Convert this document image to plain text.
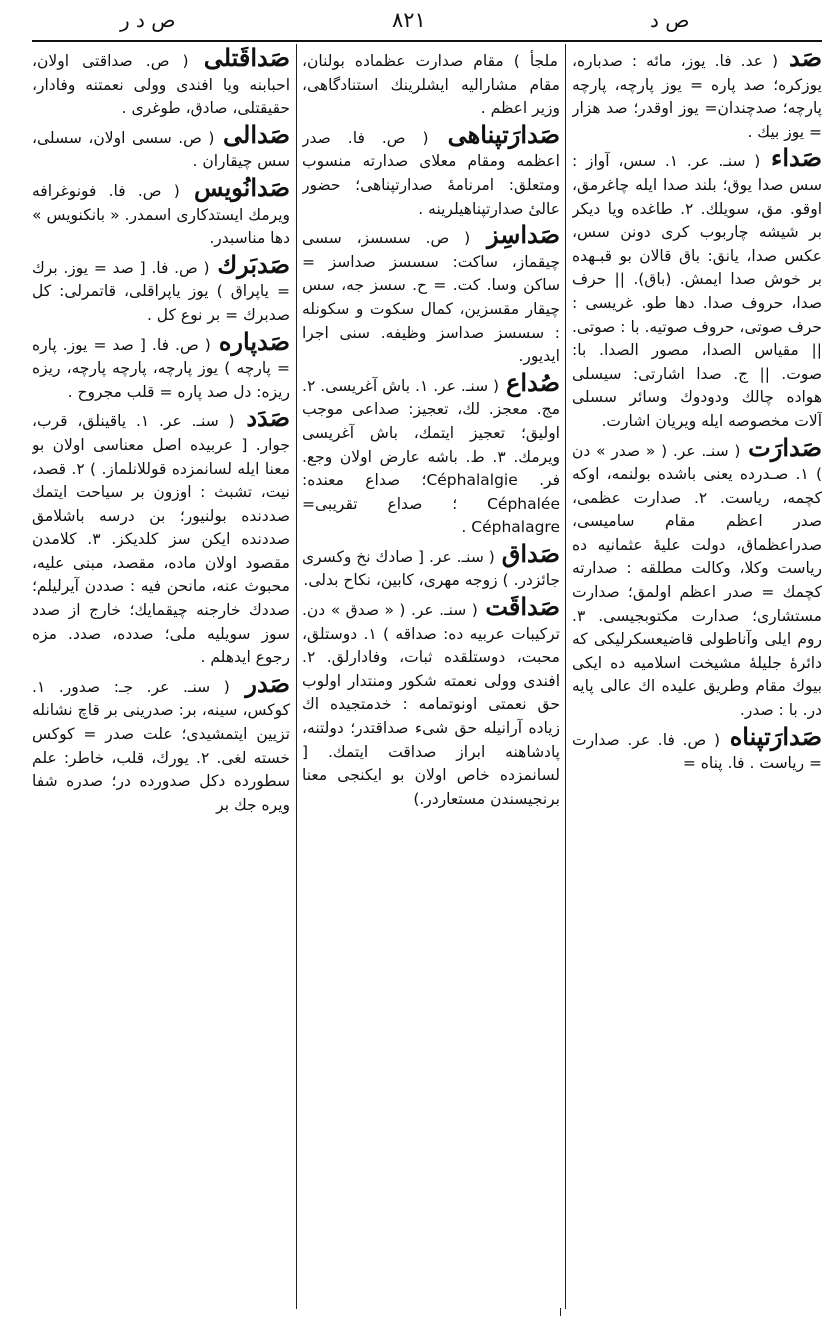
ص د ر	٨٢١	ص د

صَد ( عد. فا. یوز، مائه : صدباره، یوزکره؛ صد پاره = یوز پارچه، پارچه پارچه؛ صدچندان= یوز اوقدر؛ صد هزار = یوز بیك .

صَداء ( سنـ. عر. ۱. سس، آواز : سس صدا یوق؛ بلند صدا ایله چاغرمق، اوقو. مق، سویلك. ۲. طاغده ویا دیکر بر شیشه چاربوب کری دونن سس، عکس صدا، یانق: باق قالان بو قبـهده بر خوش صدا ایمش. (باق). || حرف صدا، حروف صدا. دها طو. غریسی : حرف صوتی، حروف صوتیه. با : صوتی. || مقیاس الصدا، مصور الصدا. با: صوت. || ج. صدا اشارتی: سیسلی هواده چالك ودودوك وسائر سسلی آلات مخصوصه ایله ویریان اشارت.

صَدارَت ( سنـ. عر. ( « صدر » دن ) ۱. صـدرده یعنی باشده بولنمه، اوکه کچمه، ریاست. ۲. صدارت عظمی، صدر اعظم مقام سامیسی، صدراعظماق، دولت علیهٔ عثمانیه ده ریاست وکلا، وکالت مطلقه : صدارته کچمك = صدر اعظم اولمق؛ صدارت مستشاری؛ صدارت مکتوبجیسی. ۳. روم ایلی وآناطولی قاضیعسکرلیکی که دائرهٔ جلیلهٔ مشیخت اسلامیه ده ایکی بیوك مقام وطریق علیده اك عالی پایه در. با : صدر.

صَدارَتپناه ( ص. فا. عر. صدارت = ریاست . فا. پناه =

ملجأ ) مقام صدارت عظماده بولنان، مقام مشاراليه ایشلرینك استنادگاهی، وزیر اعظم .

صَدارَتپناهی ( ص. فا. صدر اعظمه ومقام معلای صدارته منسوب ومتعلق: امرنامهٔ صدارتپناهی؛ حضور عالیٔ صدارتپناهیلرینه .

صَداسِز ( ص. سسسز، سسی چیقماز، ساکت: سسسز صداسز = ساکن وسا. کت. = ح. سسز جه، سس چیقار مقسزین، کمال سکوت و سکونله : سسسز صداسز وظیفه. سنی اجرا ایدیور.

صُداع ( سنـ. عر. ۱. باش آغریسی. ۲. مج. معجز. لك، تعجیز: صداعی موجب اولیق؛ تعجیز ایتمك، باش آغریسی ویرمك. ۳. ط. باشه عارض اولان وجع. فر. Céphalalgie؛ صداع معنده: Céphalée ؛ صداع تقریبی= Céphalagre .

صَداق ( سنـ. عر. [ صادك نخ وكسری جائزدر. ) زوجه مهری، کابین، نکاح بدلی.

صَداقَت ( سنـ. عر. ( « صدق » دن. ترکیبات عربیه ده: صداقه ) ۱. دوستلق، محبت، دوستلقده ثبات، وفادارلق. ۲. افندی وولی نعمته شکور ومنتدار اولوب حق نعمتی اونوتمامه : خدمتجیده اك زیاده آرانیله حق شیء صداقتدر؛ دولتنه، پادشاهنه ابراز صداقت ایتمك. [ لسانمزده خاص اولان بو ایکنجی معنا برنجیسندن مستعاردر.)

صَداقَتلی ( ص. صداقتی اولان، احبابنه ویا افندی وولی نعمتنه وفادار، حقیقتلی، صادق، طوغری .

صَدالی ( ص. سسی اولان، سسلی، سس چیقاران .

صَدانُویس ( ص. فا. فونوغرافه ویرمك ایستدکاری اسمدر. « بانکنویس » دها مناسبدر.

صَدبَرك ( ص. فا. [ صد = یوز. برك = یاپراق ) یوز یاپراقلی، قاتمرلی: کل صدبرك = بر نوع کل .

صَدپاره ( ص. فا. [ صد = یوز. پاره = پارچه ) یوز پارچه، پارچه پارچه، ریزه ریزه: دل صد پاره = قلب مجروح .

صَدَد ( سنـ. عر. ۱. یاقینلق، قرب، جوار. [ عربیده اصل معناسی اولان بو معنا ایله لسانمزده قوللانلماز. ) ۲. قصد، نیت، تشبث : اوزون بر سیاحت ایتمك صددنده بولنیور؛ بن درسه باشلامق صددنده ایکن سز کلدیکز. ۳. کلامدن مقصود اولان ماده، مقصد، مبنی علیه، محبوث عنه، مانحن فیه : صددن آیرلیلم؛ صددك خارجنه چیقمایك؛ خارج از صدد سوز سویلیه ملی؛ صدده، صدد. مزه رجوع ایدهلم .

صَدر ( سنـ. عر. جـ: صدور. ۱. کوکس، سینه، بر: صدرینی بر قاچ نشانله تزیین ایتمشیدی؛ علت صدر = کوکس خسته لغی. ۲. یورك، قلب، خاطر: علم سطورده دکل صدورده در؛ صدره شفا ویره جك بر
